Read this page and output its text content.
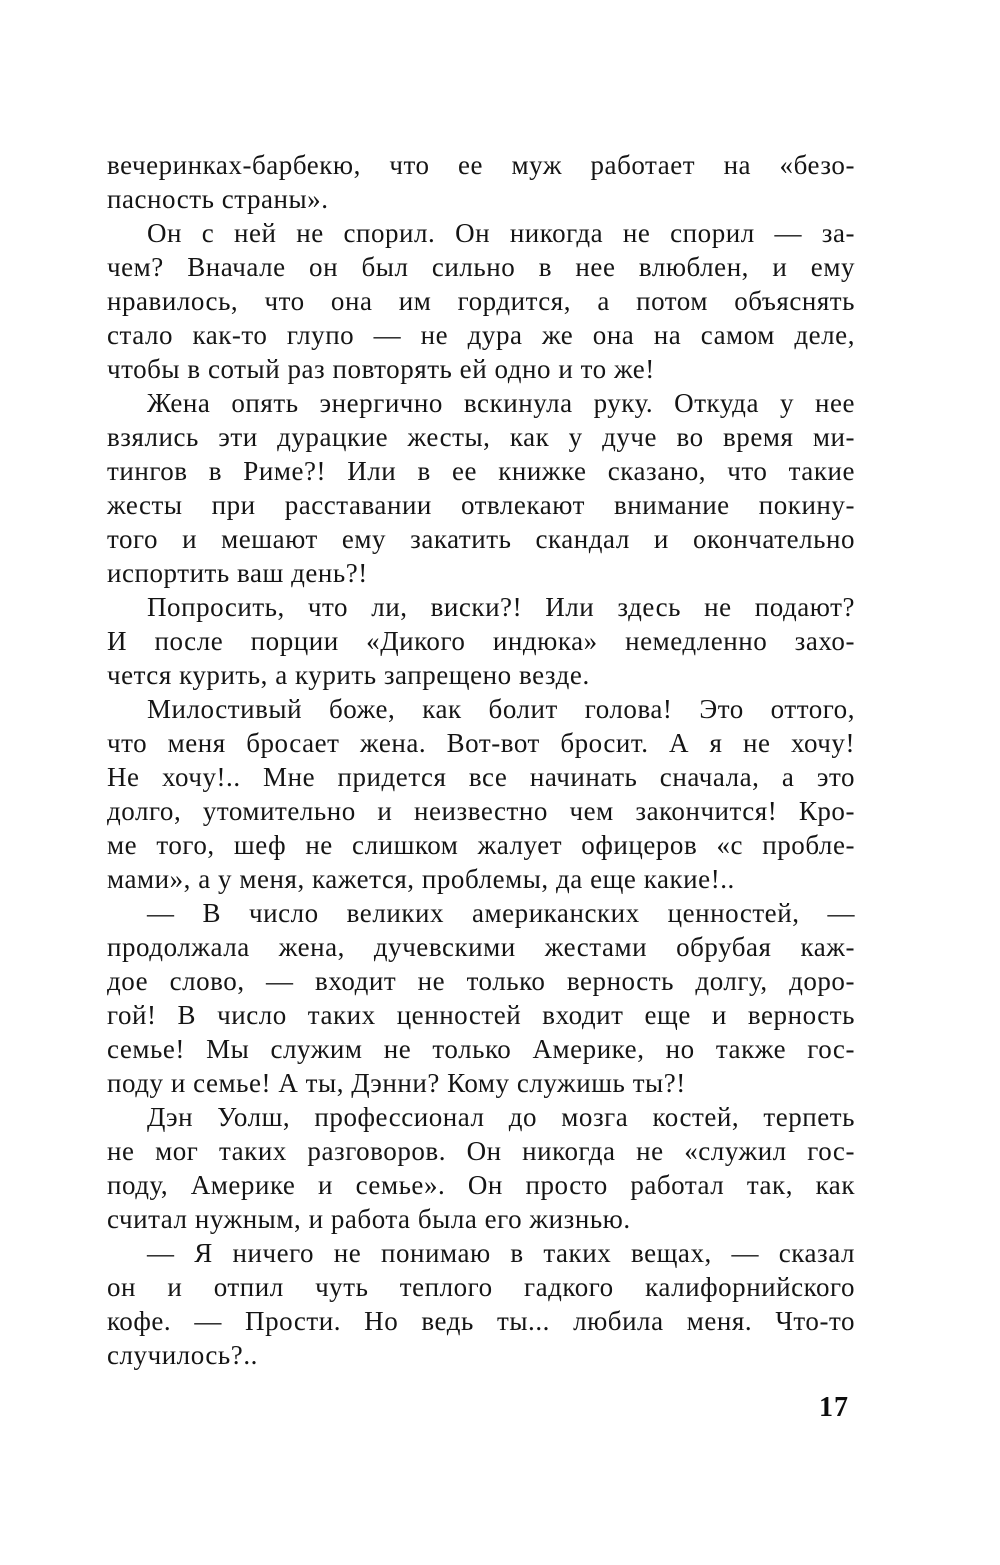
вечеринках-барбекю, что ее муж работает на «безо-
пасность страны».
Он с ней не спорил. Он никогда не спорил — за-
чем? Вначале он был сильно в нее влюблен, и ему
нравилось, что она им гордится, а потом объяснять
стало как-то глупо — не дура же она на самом деле,
чтобы в сотый раз повторять ей одно и то же!
Жена опять энергично вскинула руку. Откуда у нее
взялись эти дурацкие жесты, как у дуче во время ми-
тингов в Риме?! Или в ее книжке сказано, что такие
жесты при расставании отвлекают внимание покину-
того и мешают ему закатить скандал и окончательно
испортить ваш день?!
Попросить, что ли, виски?! Или здесь не подают?
И после порции «Дикого индюка» немедленно захо-
чется курить, а курить запрещено везде.
Милостивый боже, как болит голова! Это оттого,
что меня бросает жена. Вот-вот бросит. А я не хочу!
Не хочу!.. Мне придется все начинать сначала, а это
долго, утомительно и неизвестно чем закончится! Кро-
ме того, шеф не слишком жалует офицеров «с пробле-
мами», а у меня, кажется, проблемы, да еще какие!..
— В число великих американских ценностей, —
продолжала жена, дучевскими жестами обрубая каж-
дое слово, — входит не только верность долгу, доро-
гой! В число таких ценностей входит еще и верность
семье! Мы служим не только Америке, но также гос-
поду и семье! А ты, Дэнни? Кому служишь ты?!
Дэн Уолш, профессионал до мозга костей, терпеть
не мог таких разговоров. Он никогда не «служил гос-
поду, Америке и семье». Он просто работал так, как
считал нужным, и работа была его жизнью.
— Я ничего не понимаю в таких вещах, — сказал
он и отпил чуть теплого гадкого калифорнийского
кофе. — Прости. Но ведь ты... любила меня. Что-то
случилось?..
17
